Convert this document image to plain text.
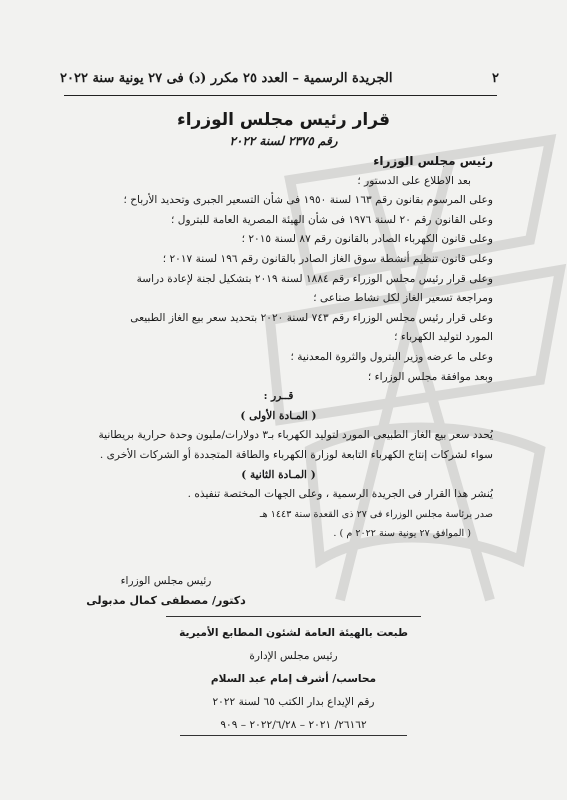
٢
الجريدة الرسمية – العدد ٢٥ مكرر (د) فى ٢٧ يونية سنة ٢٠٢٢
قرار رئيس مجلس الوزراء
رقم ٢٣٧٥ لسنة ٢٠٢٢
رئيس مجلس الوزراء
بعد الاطلاع على الدستور ؛
وعلى المرسوم بقانون رقم ١٦٣ لسنة ١٩٥٠ فى شأن التسعير الجبرى وتحديد الأرباح ؛
وعلى القانون رقم ٢٠ لسنة ١٩٧٦ فى شأن الهيئة المصرية العامة للبترول ؛
وعلى قانون الكهرباء الصادر بالقانون رقم ٨٧ لسنة ٢٠١٥ ؛
وعلى قانون تنظيم أنشطة سوق الغاز الصادر بالقانون رقم ١٩٦ لسنة ٢٠١٧ ؛
وعلى قرار رئيس مجلس الوزراء رقم ١٨٨٤ لسنة ٢٠١٩ بتشكيل لجنة لإعادة دراسة
ومراجعة تسعير الغاز لكل نشاط صناعى ؛
وعلى قرار رئيس مجلس الوزراء رقم ٧٤٣ لسنة ٢٠٢٠ بتحديد سعر بيع الغاز الطبيعى
المورد لتوليد الكهرباء ؛
وعلى ما عرضه وزير البترول والثروة المعدنية ؛
وبعد موافقة مجلس الوزراء ؛
قــرر :
( المـادة الأولى )
يُحدد سعر بيع الغاز الطبيعى المورد لتوليد الكهرباء بـ٣ دولارات/مليون وحدة حرارية بريطانية
سواء لشركات إنتاج الكهرباء التابعة لوزارة الكهرباء والطاقة المتجددة أو الشركات الأخرى .
( المـادة الثانية )
يُنشر هذا القرار فى الجريدة الرسمية ، وعلى الجهات المختصة تنفيذه .
صدر برئاسة مجلس الوزراء فى ٢٧ ذى القعدة سنة ١٤٤٣ هـ
( الموافق ٢٧ يونية سنة ٢٠٢٢ م ) .
رئيس مجلس الوزراء
دكتور/ مصطفى كمال مدبولى
طبعت بالهيئة العامة لشئون المطابع الأميرية
رئيس مجلس الإدارة
محاسب/ أشرف إمام عبد السلام
رقم الإيداع بدار الكتب ٦٥ لسنة ٢٠٢٢
٢٦١٦٢/ ٢٠٢١ – ٢٠٢٢/٦/٢٨ – ٩٠٩
